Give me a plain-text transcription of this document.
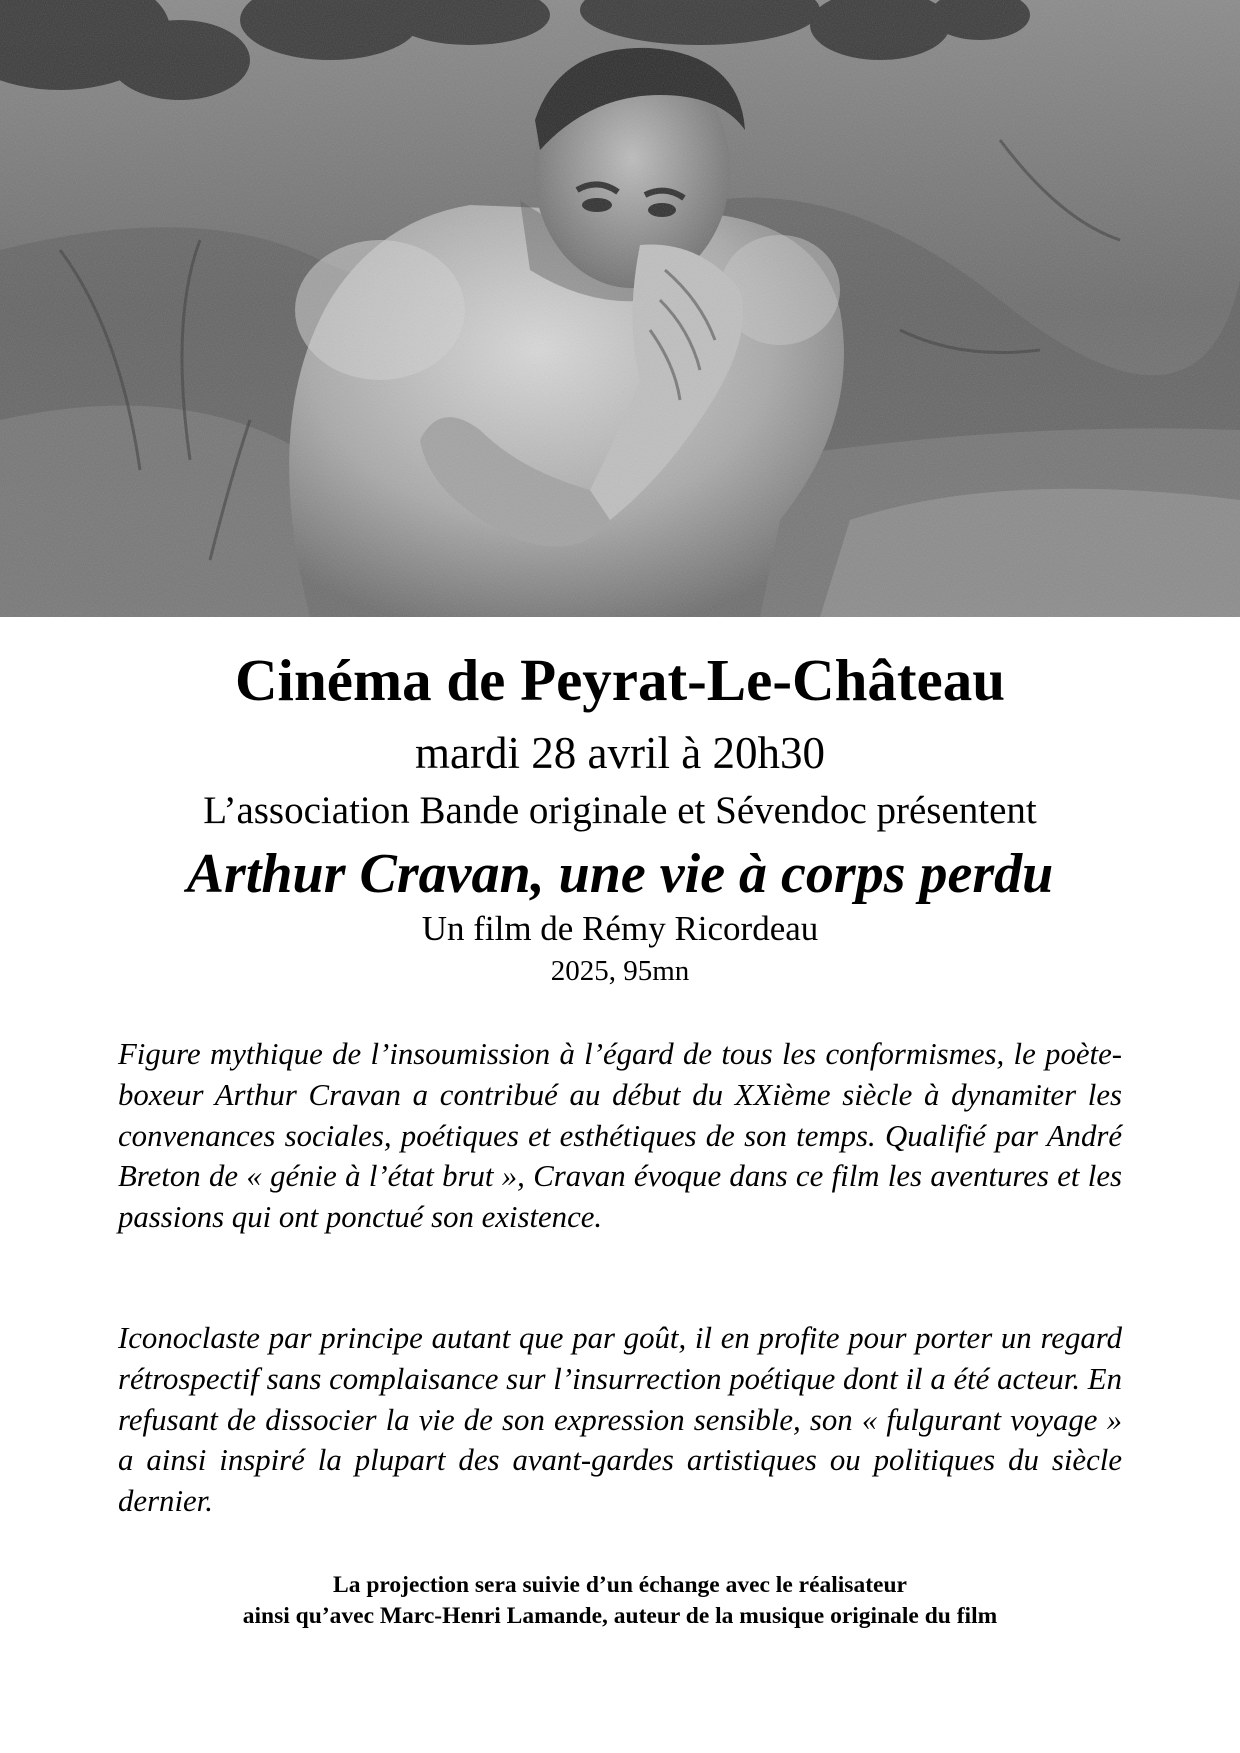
Cinéma de Peyrat-Le-Château

mardi 28 avril à 20h30

L’association Bande originale et Sévendoc présentent

Arthur Cravan, une vie à corps perdu

Un film de Rémy Ricordeau

2025, 95mn

Figure mythique de l’insoumission à l’égard de tous les conformismes, le poète-boxeur Arthur Cravan a contribué au début du XXième siècle à dynamiter les convenances sociales, poétiques et esthétiques de son temps. Qualifié par André Breton de « génie à l’état brut », Cravan évoque dans ce film les aventures et les passions qui ont ponctué son existence.

Iconoclaste par principe autant que par goût, il en profite pour porter un regard rétrospectif sans complaisance sur l’insurrection poétique dont il a été acteur. En refusant de dissocier la vie de son expression sensible, son « fulgurant voyage » a ainsi inspiré la plupart des avant-gardes artistiques ou politiques du siècle dernier.

La projection sera suivie d’un échange avec le réalisateur

ainsi qu’avec Marc-Henri Lamande, auteur de la musique originale du film
